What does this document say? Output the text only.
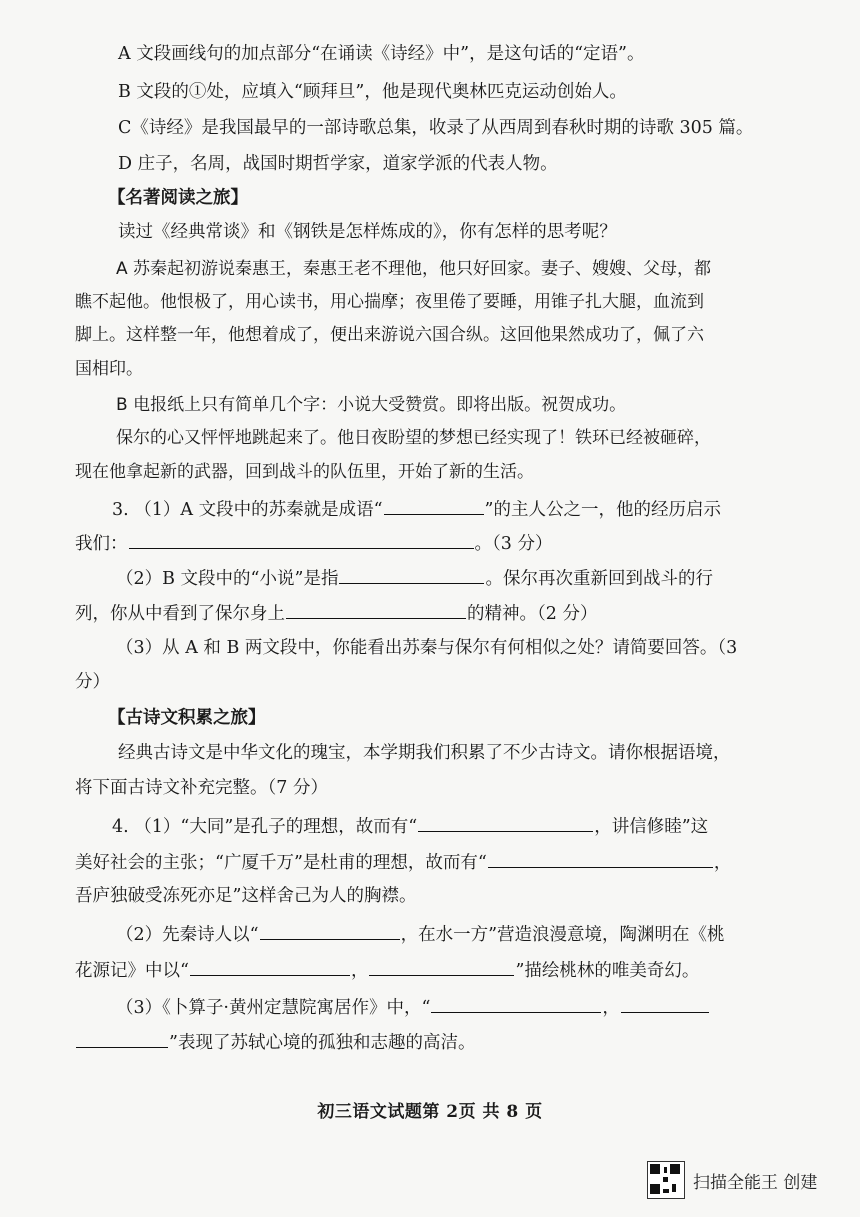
A 文段画线句的加点部分“在诵读《诗经》中”，是这句话的“定语”。
B 文段的①处，应填入“顾拜旦”，他是现代奥林匹克运动创始人。
C《诗经》是我国最早的一部诗歌总集，收录了从西周到春秋时期的诗歌 305 篇。
D 庄子，名周，战国时期哲学家，道家学派的代表人物。
【名著阅读之旅】
读过《经典常谈》和《钢铁是怎样炼成的》，你有怎样的思考呢？
A 苏秦起初游说秦惠王，秦惠王老不理他，他只好回家。妻子、嫂嫂、父母，都
瞧不起他。他恨极了，用心读书，用心揣摩；夜里倦了要睡，用锥子扎大腿，血流到
脚上。这样整一年，他想着成了，便出来游说六国合纵。这回他果然成功了，佩了六
国相印。
B 电报纸上只有简单几个字：小说大受赞赏。即将出版。祝贺成功。
保尔的心又怦怦地跳起来了。他日夜盼望的梦想已经实现了！铁环已经被砸碎，
现在他拿起新的武器，回到战斗的队伍里，开始了新的生活。
3. （1）A 文段中的苏秦就是成语“	”的主人公之一，他的经历启示
我们：	。（3 分）
（2）B 文段中的“小说”是指	。保尔再次重新回到战斗的行
列，你从中看到了保尔身上	的精神。（2 分）
（3）从 A 和 B 两文段中，你能看出苏秦与保尔有何相似之处？请简要回答。（3
分）
【古诗文积累之旅】
经典古诗文是中华文化的瑰宝，本学期我们积累了不少古诗文。请你根据语境，
将下面古诗文补充完整。（7 分）
4. （1）“大同”是孔子的理想，故而有“	，讲信修睦”这
美好社会的主张；“广厦千万”是杜甫的理想，故而有“	，
吾庐独破受冻死亦足”这样舍己为人的胸襟。
（2）先秦诗人以“	，在水一方”营造浪漫意境，陶渊明在《桃
花源记》中以“	，	”描绘桃林的唯美奇幻。
（3）《卜算子·黄州定慧院寓居作》中，“	，
”表现了苏轼心境的孤独和志趣的高洁。
初三语文试题第 2页 共 8 页
扫描全能王 创建
